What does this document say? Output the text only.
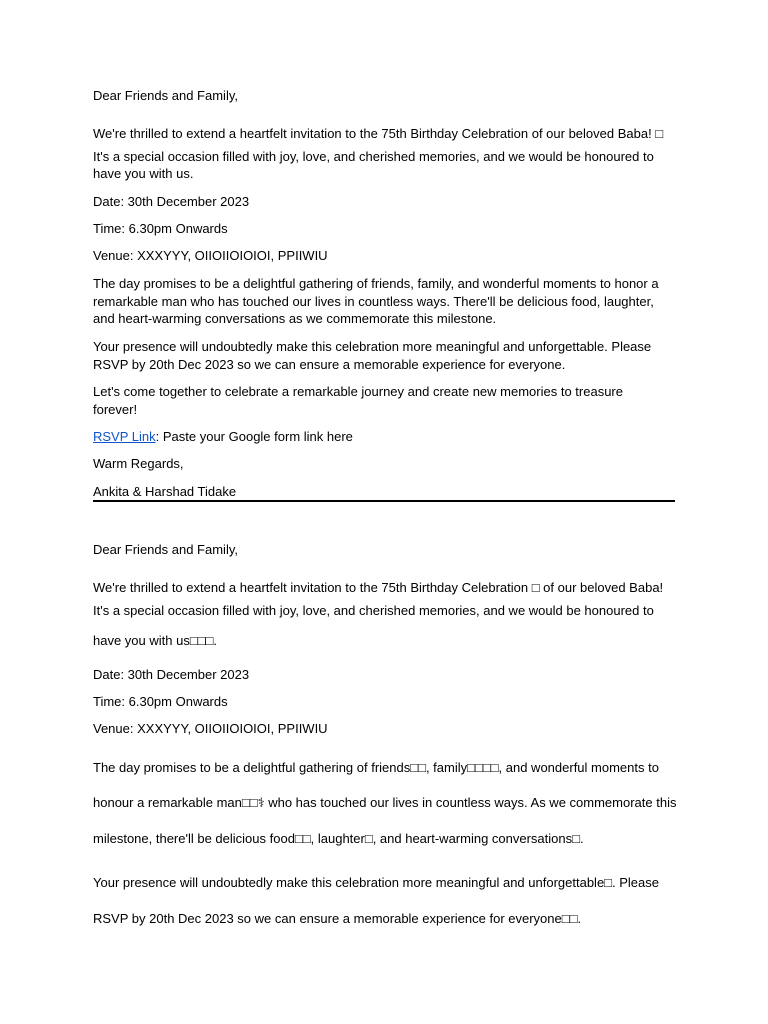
Dear Friends and Family,
We're thrilled to extend a heartfelt invitation to the 75th Birthday Celebration of our beloved Baba! □
It's a special occasion filled with joy, love, and cherished memories, and we would be honoured to
have you with us.
Date: 30th December 2023
Time: 6.30pm Onwards
Venue: XXXYYY, OIIOIIOIOIOI, PPIIWIU
The day promises to be a delightful gathering of friends, family, and wonderful moments to honor a
remarkable man who has touched our lives in countless ways. There'll be delicious food, laughter,
and heart-warming conversations as we commemorate this milestone.
Your presence will undoubtedly make this celebration more meaningful and unforgettable. Please
RSVP by 20th Dec 2023 so we can ensure a memorable experience for everyone.
Let's come together to celebrate a remarkable journey and create new memories to treasure
forever!
RSVP Link: Paste your Google form link here
Warm Regards,
Ankita & Harshad Tidake
Dear Friends and Family,
We're thrilled to extend a heartfelt invitation to the 75th Birthday Celebration □ of our beloved Baba!
It's a special occasion filled with joy, love, and cherished memories, and we would be honoured to
have you with us□□□.
Date: 30th December 2023
Time: 6.30pm Onwards
Venue: XXXYYY, OIIOIIOIOIOI, PPIIWIU
The day promises to be a delightful gathering of friends□□, family□□□□, and wonderful moments to
honour a remarkable man□□⚕ who has touched our lives in countless ways. As we commemorate this
milestone, there'll be delicious food□□, laughter□, and heart-warming conversations□.
Your presence will undoubtedly make this celebration more meaningful and unforgettable□. Please
RSVP by 20th Dec 2023 so we can ensure a memorable experience for everyone□□.
